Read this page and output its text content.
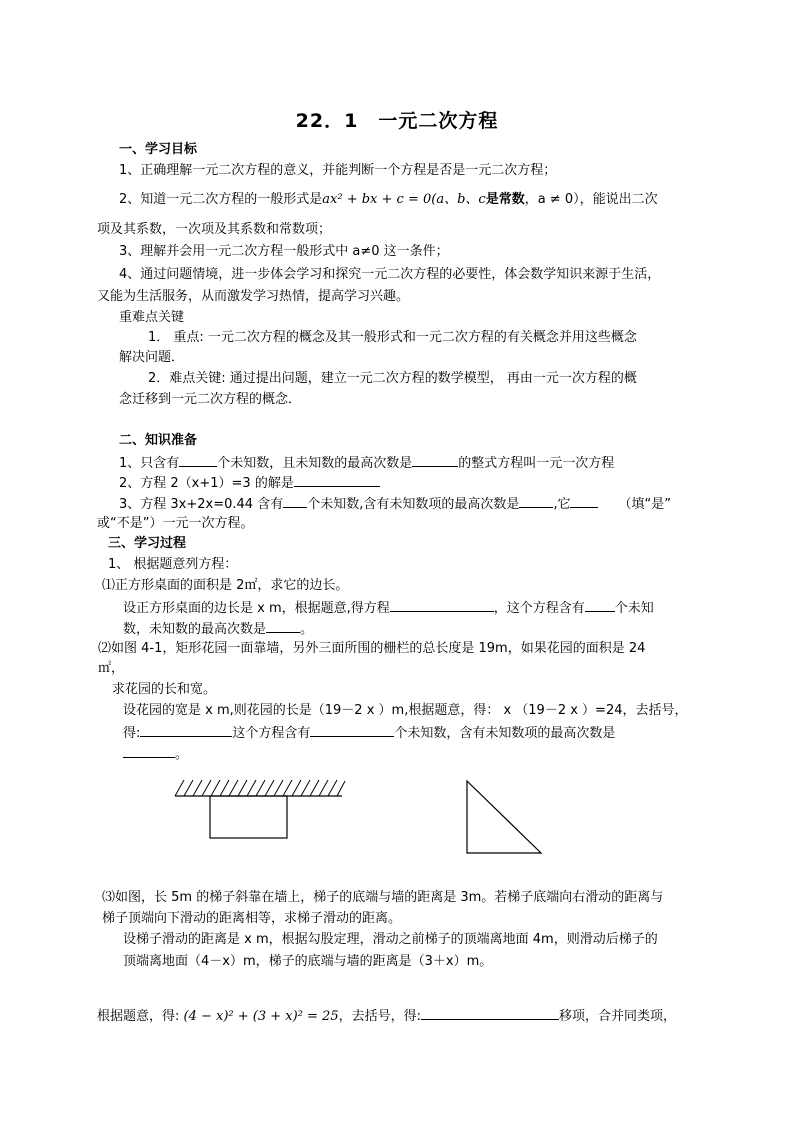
22．1　一元二次方程
一、学习目标
1、正确理解一元二次方程的意义，并能判断一个方程是否是一元二次方程；
2、知道一元二次方程的一般形式是ax² + bx + c = 0(a、b、c是常数，a ≠ 0），能说出二次
项及其系数，一次项及其系数和常数项；
3、理解并会用一元二次方程一般形式中 a≠0 这一条件；
4、通过问题情境，进一步体会学习和探究一元二次方程的必要性，体会数学知识来源于生活，
又能为生活服务，从而激发学习热情，提高学习兴趣。
重难点关键
1． 重点: 一元二次方程的概念及其一般形式和一元二次方程的有关概念并用这些概念
解决问题．
2．难点关键: 通过提出问题，建立一元二次方程的数学模型， 再由一元一次方程的概
念迁移到一元二次方程的概念．
二、知识准备
1、只含有	个未知数，且未知数的最高次数是	的整式方程叫一元一次方程
2、方程 2（x+1）=3 的解是
3、方程 3x+2x=0.44 含有 个未知数,含有未知数项的最高次数是	,它	（填“是”
或“不是”）一元一次方程。
三、学习过程
1、 根据题意列方程：
⑴正方形桌面的面积是 2㎡，求它的边长。
设正方形桌面的边长是 x m，根据题意,得方程	，这个方程含有 个未知
数，未知数的最高次数是	。
⑵如图 4-1，矩形花园一面靠墙，另外三面所围的栅栏的总长度是 19m，如果花园的面积是 24
㎡，
求花园的长和宽。
设花园的宽是 x m,则花园的长是（19－2 x ）m,根据题意，得： x （19－2 x ）=24，去括号，
得:	这个方程含有	个未知数，含有未知数项的最高次数是
。
⑶如图，长 5m 的梯子斜靠在墙上，梯子的底端与墙的距离是 3m。若梯子底端向右滑动的距离与
梯子顶端向下滑动的距离相等，求梯子滑动的距离。
设梯子滑动的距离是 x m，根据勾股定理，滑动之前梯子的顶端离地面 4m，则滑动后梯子的
顶端离地面（4－x）m，梯子的底端与墙的距离是（3＋x）m。
根据题意，得: (4 − x)² + (3 + x)² = 25，去括号，得:	移项，合并同类项，
